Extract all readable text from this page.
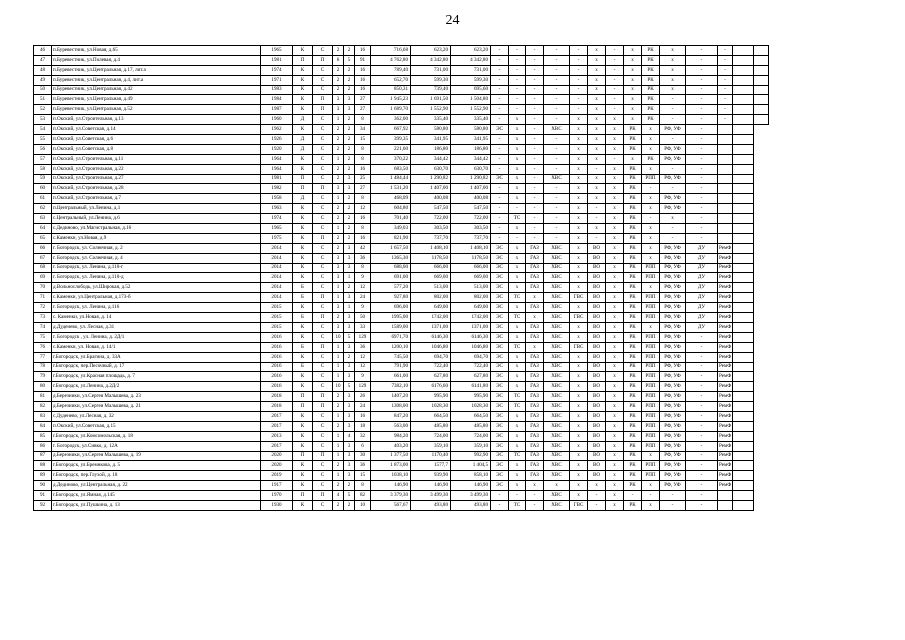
24
46	п.Буревестник, ул.Новая, д.65	1965	К	С	2	2	16	716,68	623,20	623,20	-	-	-	-	-	х	-	х	РК	х	-	-		
47	п.Буревестник, ул.Полевая, д.4	1981	П	П	6	5	91	4 762,80	4 342,80	4 342,80	-	-	-	-	-	х	-	х	РК	х	-	-		
48	п.Буревестник, ул.Центральная, д.17, лит.а	1974	К	С	2	2	16	789,40	731,00	731,00	-	-	-	-	-	х	-	х	РК	х	-	-		
49	п.Буревестник, ул.Центральная, д.4, лит.а	1971	К	С	2	2	16	652,70	599,30	599,30	-	-	-	-	-	х	-	х	РК	х	-	-		
50	п.Буревестник, ул.Центральная, д.42	1983	К	С	2	2	16	850,31	739,40	695,60	-	-	-	-	-	х	-	х	РК	х	-	-		
51	п.Буревестник, ул.Центральная, д.49	1984	К	П	3	3	27	1 945,23	1 691,50	1 504,80	-	-	-	-	-	х	-	х	РК	-	-	-		
52	п.Буревестник, ул.Центральная, д.52	1987	К	П	3	3	27	1 689,70	1 552,90	1 552,90	-	-	-	-	-	х	-	х	РК	-	-	-		
53	п.Окский, ул.Строительная, д.13	1960	Д	С	1	2	8	362,00	335,40	335,40	-	х	-	-	х	х	х	х	РК	-	-	-		
54	п.Окский, ул.Советская, д.14	1962	К	С	2	2	34	667,92	580,80	580,80	ЭС	х	-	ХВС	х	х	х	РК	х	РФ, УФ	-			
55	п.Окский, ул.Советская, д.6	1926	Д	С	2	2	15	399,35	341,95	341,95	-	х	-	-	х	х	х	РК	х	-	-			
56	п.Окский, ул.Советская, д.8	1920	Д	С	2	2	8	221,60	186,80	186,80	-	х	-	-	х	х	х	РК	х	РФ, УФ	-			
57	п.Окский, ул.Строительная, д.11	1964	К	С	1	2	8	370,22	344,42	344,42	-	х	-	-	х	х	-	х	РК	РФ, УФ	-			
58	п.Окский, ул.Строительная, д.22	1964	К	С	2	2	16	683,50	630,70	630,70	-	х	-	-	х	-	х	РК	х	-	-			
59	п.Окский, ул.Строительная, д.27	1981	П	С	2	3	25	1 484,44	1 290,82	1 290,82	ЭС	х	-	ХВС	х	х	х	РК	РПП	РФ, УФ	-			
60	п.Окский, ул.Строительная, д.28	1982	П	П	3	3	27	1 531,20	1 407,00	1 407,00	-	х	-	-	х	х	х	РК	-	-	-			
61	п.Окский, ул.Строительная, д.7	1958	Д	С	1	2	8	468,09	400,08	400,08	-	х	-	-	х	х	х	РК	х	РФ, УФ	-			
62	п.Центральный, ул.Ленина, д.1	1963	К	С	2	2	12	604,80	547,50	547,50	-	-	-	-	х	-	х	РК	х	РФ, УФ	-			
63	с.Центральный, ул.Ленина, д.6	1974	К	С	2	2	16	701,40	722,00	722,00	-	ТС	-	-	х	-	х	РК	-	х	-			
64	с.Дединово, ул.Магистральная, д.16	1965	К	С	1	2	8	349,03	303,50	303,50	-	х	-	-	х	х	х	РК	х	-	-			
65	с.Каменки, ул.Новая, д.9	1975	К	П	2	2	16	821,90	737,70	737,70	-	-	-	-	х	-	х	РК	х	-	-			
66	г. Богородск, ул. Солнечная, д. 2	2014	К	С	2	3	42	1 657,50	1 408,10	1 408,10	ЭС	х	ГАЗ	ХВС	х	ВО	х	РК	х	РФ, УФ	ДУ	РемФ		
67	г. Богородск, ул. Солнечная, д. 4	2014	К	С	3	3	36	1365,30	1178,50	1178,50	ЭС	х	ГАЗ	ХВС	х	ВО	х	РК	х	РФ, УФ	ДУ	РемФ		
68	г. Богородск, ул. Ленина, д.110-г	2014	К	С	3	3	8	688,00	666,00	666,00	ЭС	х	ГАЗ	ХВС	х	ВО	х	РК	РПП	РФ, УФ	ДУ	РемФ		
69	г. Богородск, ул. Ленина, д.110-д	2014	К	С	3	1	9	691,00	669,00	669,00	ЭС	х	ГАЗ	ХВС	х	ВО	х	РК	РПП	РФ, УФ	ДУ	РемФ		
70	д.Вольнослободь, ул.Широкая, д.52	2014	Б	С	1	2	12	577,20	513,00	513,00	ЭС	х	ГАЗ	ХВС	х	ВО	х	РК	х	РФ, УФ	ДУ	РемФ		
71	с.Каменки, ул.Центральная, д.173-б	2014	Б	П	1	3	24	927,80	802,00	802,00	ЭС	ТС	х	ХВС	ГВС	ВО	х	РК	РПП	РФ, УФ	ДУ	РемФ		
72	г. Богородск, ул. Ленина, д.116	2015	К	С	3	1	9	696,00	649,00	649,00	ЭС	х	ГАЗ	ХВС	х	ВО	х	РК	РПП	РФ, УФ	ДУ	РемФ		
73	с. Каменки, ул.Новая, д. 14	2015	Б	П	2	3	50	1995,00	1742,00	1742,00	ЭС	ТС	х	ХВС	ГВС	ВО	х	РК	РПП	РФ, УФ	ДУ	РемФ		
74	д.Дуденево, ул. Лесная, д.31	2015	К	С	3	3	33	1589,00	1371,00	1371,00	ЭС	х	ГАЗ	ХВС	х	ВО	х	РК	х	РФ, УФ	ДУ	РемФ		
75	г. Богородск , ул. Ленина, д. 2Д/1	2016	К	С	10	5	129	6971,70	6146,30	6146,30	ЭС	х	ГАЗ	ХВС	х	ВО	х	РК	РПП	РФ, УФ	-	РемФ		
76	с.Каменки, ул. Новая, д. 14/1	2016	Б	П	1	3	36	1200,10	1046,80	1046,80	ЭС	ТС	х	ХВС	ГВС	ВО	х	РК	РПП	РФ, УФ	-	РемФ		
77	г.Богородск, ул.Брагина, д. 33А	2016	К	С	1	2	12	745,50	694,70	694,70	ЭС	х	ГАЗ	ХВС	х	ВО	х	РК	РПП	РФ, УФ	-	РемФ		
78	г.Богородск, пер.Песочный, д. 17	2016	Б	С	1	3	12	791,90	722,40	722,40	ЭС	х	ГАЗ	ХВС	х	ВО	х	РК	РПП	РФ, УФ	-	РемФ		
79	г.Богородск, ул.Красная площадь, д. 7	2016	К	С	1	3	9	661,00	627,80	627,80	ЭС	х	ГАЗ	ХВС	х	ВО	х	РК	РПП	РФ, УФ	-	РемФ		
80	г.Богородск, ул.Ленина, д.2Д/2	2016	К	С	10	5	129	7382,10	6176,60	6141,80	ЭС	х	ГАЗ	ХВС	х	ВО	х	РК	РПП	РФ, УФ	-	РемФ		
81	д.Березники, ул.Сергея Малышева, д. 23	2018	П	П	2	3	26	1407,20	995,90	995,90	ЭС	ТС	ГАЗ	ХВС	х	ВО	х	РК	РПП	РФ, УФ	-	РемФ		
82	д.Березники, ул.Сергея Малышева, д. 21	2018	П	П	2	3	24	1308,00	1028,30	1028,30	ЭС	ТС	ГАЗ	ХВС	х	ВО	х	РК	РПП	РФ, УФ	-	РемФ		
83	с.Дуденево, ул.Лесная, д. 32	2017	К	С	1	3	16	847,20	664,50	664,50	ЭС	х	ГАЗ	ХВС	х	ВО	х	РК	РПП	РФ, УФ	-	РемФ		
84	п.Окский, ул.Советская, д.15	2017	К	С	2	3	18	563,00	485,80	485,80	ЭС	х	ГАЗ	ХВС	х	ВО	х	РК	РПП	РФ, УФ	-	РемФ		
85	г.Богородск, ул.Комсомольская, д. 18	2013	К	С	1	4	32	984,20	724,00	724,00	ЭС	х	ГАЗ	ХВС	х	ВО	х	РК	РПП	РФ, УФ	-	РемФ		
86	г. Богородск, ул.Сивко, д. 12А	2017	К	С	1	3	6	403,20	359,10	359,10	ЭС	х	ГАЗ	ХВС	х	ВО	х	РК	РПП	РФ, УФ	-	РемФ		
87	д.Березники, ул.Сергея Малышева, д. 19	2020	П	П	1	3	30	1 377,50	1170,40	992,90	ЭС	ТС	ГАЗ	ХВС	х	ВО	х	РК	х	РФ, УФ	-	РемФ		
88	г.Богородск, ул.Бремнкова, д. 5	2020	К	С	2	3	36	1 873,00	1577,7	1 404,5	ЭС	х	ГАЗ	ХВС	х	ВО	х	РК	РПП	РФ, УФ	-	РемФ		
89	г.Богородск, пер.Глухой, д. 18	2019	К	С	1	3	15	1038,10	939,90	858,10	ЭС	х	ГАЗ	ХВС	х	ВО	х	РК	РПП	РФ, УФ	-	РемФ		
90	д.Дединово, ул.Центральная, д. 22	1917	К	С	2	2	8	146,90	146,90	146,90	ЭС	х	х	х	х	х	х	РК	х	РФ, УФ	-	РемФ		
91	г.Богородск, ул.Ямная, д.145	1970	П	П	4	5	82	3 379,30	3 499,30	3 499,30	-	-	-	ХВС	х	-	х	-	-	-	-			
92	г.Богородск, ул.Пушкина, д. 13	1930	К	С	2	2	10	567,67	493,80	493,80	-	ТС	-	ХВС	ГВС	-	х	РК	х	-	-			
